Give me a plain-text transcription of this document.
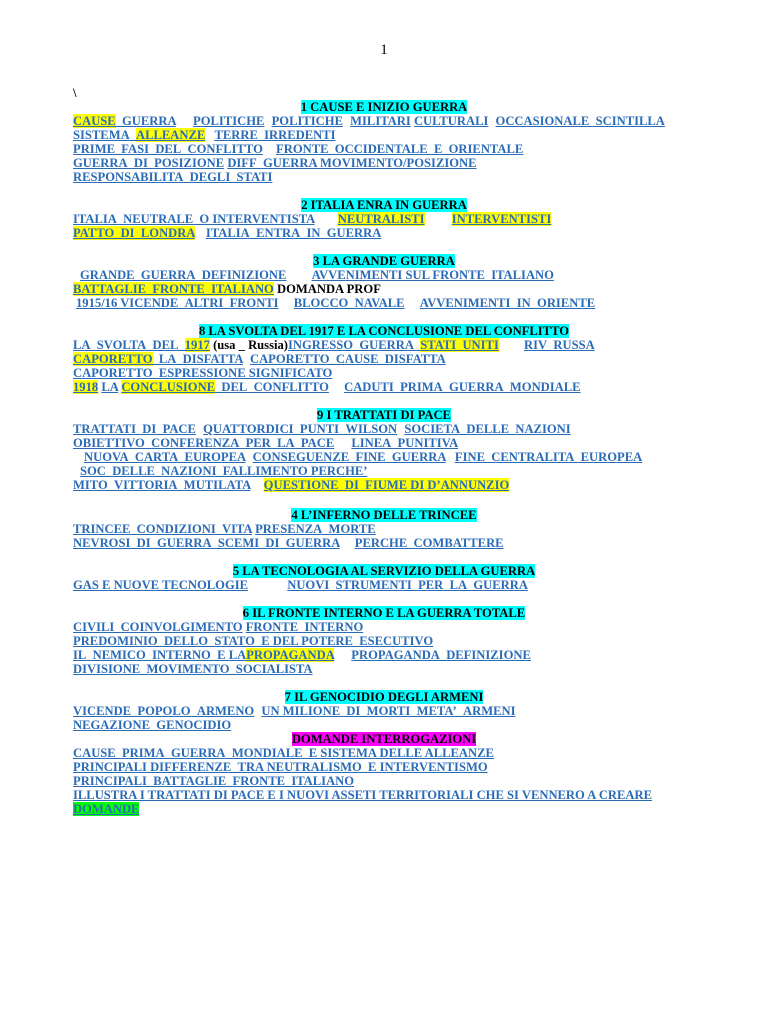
1
\
1 CAUSE E INIZIO GUERRA
CAUSE_GUERRA POLITICHE POLITICHE MILITARI CULTURALI OCCASIONALE_SCINTILLA
SISTEMA_ALLEANZE TERRE_IRREDENTI
PRIME_FASI_DEL_CONFLITTO FRONTE_OCCIDENTALE_E_ORIENTALE
GUERRA_DI_POSIZIONE DIFF_GUERRA MOVIMENTO/POSIZIONE
RESPONSABILITA_DEGLI_STATI
2 ITALIA ENRA IN GUERRA
ITALIA_NEUTRALE_O INTERVENTISTA NEUTRALISTI INTERVENTISTI
PATTO_DI_LONDRA ITALIA_ENTRA_IN_GUERRA
3 LA GRANDE GUERRA
GRANDE_GUERRA_DEFINIZIONE AVVENIMENTI SUL FRONTE_ITALIANO
BATTAGLIE_FRONTE_ITALIANO DOMANDA PROF
1915/16 VICENDE_ALTRI_FRONTI BLOCCO_NAVALE AVVENIMENTI_IN_ORIENTE
8 LA SVOLTA DEL 1917 E LA CONCLUSIONE DEL CONFLITTO
LA_SVOLTA_DEL_1917 (usa _ Russia)INGRESSO_GUERRA_STATI_UNITI RIV_RUSSA
CAPORETTO_LA_DISFATTA CAPORETTO_CAUSE_DISFATTA
CAPORETTO_ESPRESSIONE SIGNIFICATO
1918 LA CONCLUSIONE_DEL_CONFLITTO CADUTI_PRIMA_GUERRA_MONDIALE
9 I TRATTATI DI PACE
TRATTATI_DI_PACE QUATTORDICI_PUNTI_WILSON SOCIETA_DELLE_NAZIONI
OBIETTIVO_CONFERENZA_PER_LA_PACE LINEA_PUNITIVA
NUOVA_CARTA_EUROPEA CONSEGUENZE_FINE_GUERRA FINE_CENTRALITA_EUROPEA
SOC_DELLE_NAZIONI_FALLIMENTO PERCHE’
MITO_VITTORIA_MUTILATA QUESTIONE_DI_FIUME DI D’ANNUNZIO
4 L’INFERNO DELLE TRINCEE
TRINCEE_CONDIZIONI_VITA PRESENZA_MORTE
NEVROSI_DI_GUERRA_SCEMI_DI_GUERRA PERCHE_COMBATTERE
5 LA TECNOLOGIA AL SERVIZIO DELLA GUERRA
GAS E NUOVE TECNOLOGIE	NUOVI_STRUMENTI_PER_LA_GUERRA
6 IL FRONTE INTERNO E LA GUERRA TOTALE
CIVILI_COINVOLGIMENTO FRONTE_INTERNO
PREDOMINIO_DELLO_STATO_E DEL POTERE_ESECUTIVO
IL_NEMICO_INTERNO_E LAPROPAGANDA PROPAGANDA_DEFINIZIONE
DIVISIONE_MOVIMENTO_SOCIALISTA
7 IL GENOCIDIO DEGLI ARMENI
VICENDE_POPOLO_ARMENO UN MILIONE_DI_MORTI_META’_ARMENI
NEGAZIONE_GENOCIDIO
DOMANDE INTERROGAZIONI
CAUSE_PRIMA_GUERRA_MONDIALE_E SISTEMA DELLE ALLEANZE
PRINCIPALI DIFFERENZE_TRA NEUTRALISMO_E INTERVENTISMO
PRINCIPALI_BATTAGLIE_FRONTE_ITALIANO
ILLUSTRA I TRATTATI DI PACE E I NUOVI ASSETI TERRITORIALI CHE SI VENNERO A CREARE
DOMANDE
